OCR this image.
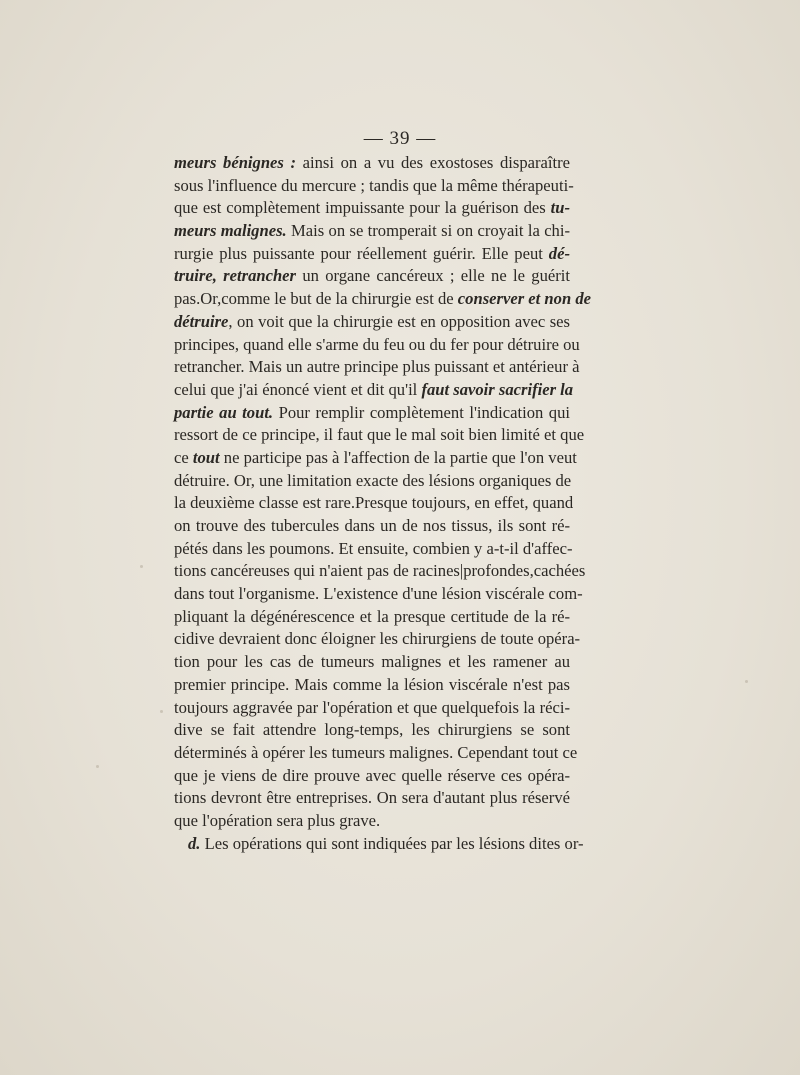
— 39 —
meurs bénignes : ainsi on a vu des exostoses disparaître
sous l'influence du mercure ; tandis que la même thérapeuti-
que est complètement impuissante pour la guérison des tu-
meurs malignes. Mais on se tromperait si on croyait la chi-
rurgie plus puissante pour réellement guérir. Elle peut dé-
truire, retrancher un organe cancéreux ; elle ne le guérit
pas.Or,comme le but de la chirurgie est de conserver et non de
détruire, on voit que la chirurgie est en opposition avec ses
principes, quand elle s'arme du feu ou du fer pour détruire ou
retrancher. Mais un autre principe plus puissant et antérieur à
celui que j'ai énoncé vient et dit qu'il faut savoir sacrifier la
partie au tout. Pour remplir complètement l'indication qui
ressort de ce principe, il faut que le mal soit bien limité et que
ce tout ne participe pas à l'affection de la partie que l'on veut
détruire. Or, une limitation exacte des lésions organiques de
la deuxième classe est rare.Presque toujours, en effet, quand
on trouve des tubercules dans un de nos tissus, ils sont ré-
pétés dans les poumons. Et ensuite, combien y a-t-il d'affec-
tions cancéreuses qui n'aient pas de racines|profondes,cachées
dans tout l'organisme. L'existence d'une lésion viscérale com-
pliquant la dégénérescence et la presque certitude de la ré-
cidive devraient donc éloigner les chirurgiens de toute opéra-
tion pour les cas de tumeurs malignes et les ramener au
premier principe. Mais comme la lésion viscérale n'est pas
toujours aggravée par l'opération et que quelquefois la réci-
dive se fait attendre long-temps, les chirurgiens se sont
déterminés à opérer les tumeurs malignes. Cependant tout ce
que je viens de dire prouve avec quelle réserve ces opéra-
tions devront être entreprises. On sera d'autant plus réservé
que l'opération sera plus grave.
d. Les opérations qui sont indiquées par les lésions dites or-
